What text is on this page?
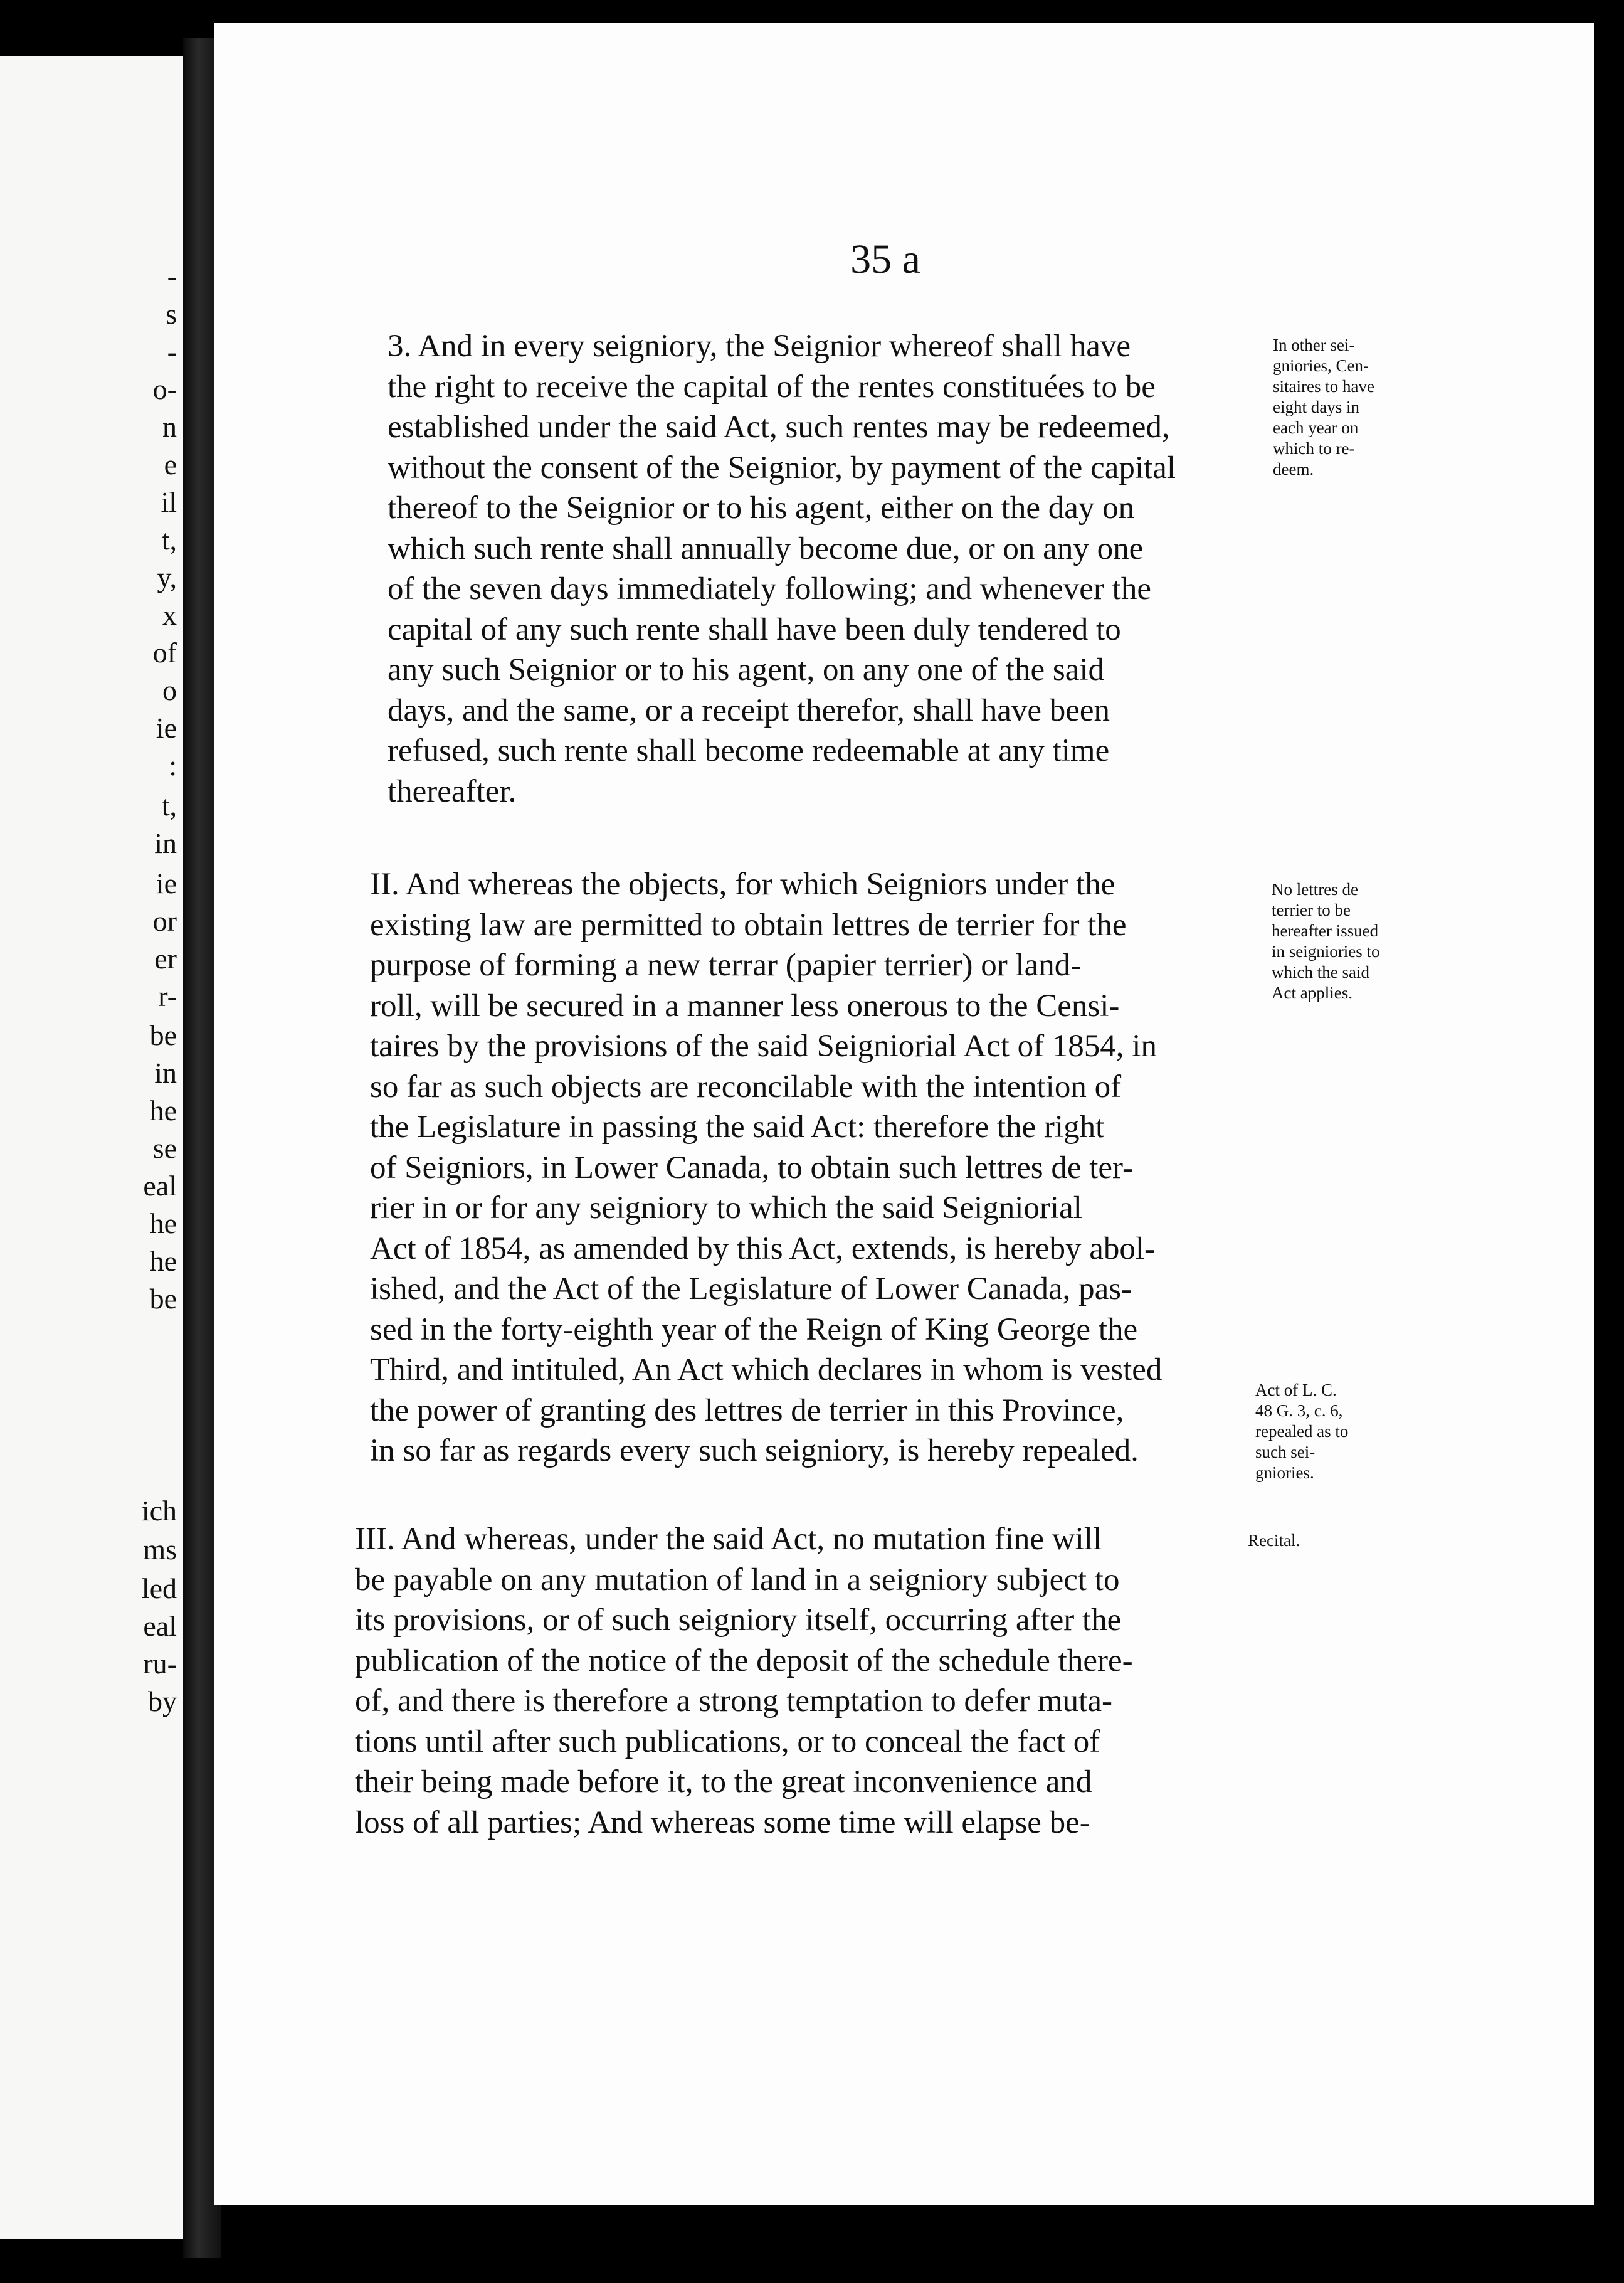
-
s
-
o-
n
e
il
t,
y,
x
of
o
ie
:
t,
in
ie
or
er
r-
be
in
he
se
eal
he
he
be
ich
ms
led
eal
ru-
by
35 a

3. And in every seigniory, the Seignior whereof shall have

the right to receive the capital of the rentes constituées to be

established under the said Act, such rentes may be redeemed,

without the consent of the Seignior, by payment of the capital

thereof to the Seignior or to his agent, either on the day on

which such rente shall annually become due, or on any one

of the seven days immediately following; and whenever the

capital of any such rente shall have been duly tendered to

any such Seignior or to his agent, on any one of the said

days, and the same, or a receipt therefor, shall have been

refused, such rente shall become redeemable at any time

thereafter.

II. And whereas the objects, for which Seigniors under the

existing law are permitted to obtain lettres de terrier for the

purpose of forming a new terrar (papier terrier) or land-

roll, will be secured in a manner less onerous to the Censi-

taires by the provisions of the said Seigniorial Act of 1854, in

so far as such objects are reconcilable with the intention of

the Legislature in passing the said Act: therefore the right

of Seigniors, in Lower Canada, to obtain such lettres de ter-

rier in or for any seigniory to which the said Seigniorial

Act of 1854, as amended by this Act, extends, is hereby abol-

ished, and the Act of the Legislature of Lower Canada, pas-

sed in the forty-eighth year of the Reign of King George the

Third, and intituled, An Act which declares in whom is vested

the power of granting des lettres de terrier in this Province,

in so far as regards every such seigniory, is hereby repealed.

III. And whereas, under the said Act, no mutation fine will

be payable on any mutation of land in a seigniory subject to

its provisions, or of such seigniory itself, occurring after the

publication of the notice of the deposit of the schedule there-

of, and there is therefore a strong temptation to defer muta-

tions until after such publications, or to conceal the fact of

their being made before it, to the great inconvenience and

loss of all parties; And whereas some time will elapse be-

In other sei-

gniories, Cen-

sitaires to have

eight days in

each year on

which to re-

deem.

No lettres de

terrier to be

hereafter issued

in seigniories to

which the said

Act applies.

Act of L. C.

48 G. 3, c. 6,

repealed as to

such sei-

gniories.

Recital.
